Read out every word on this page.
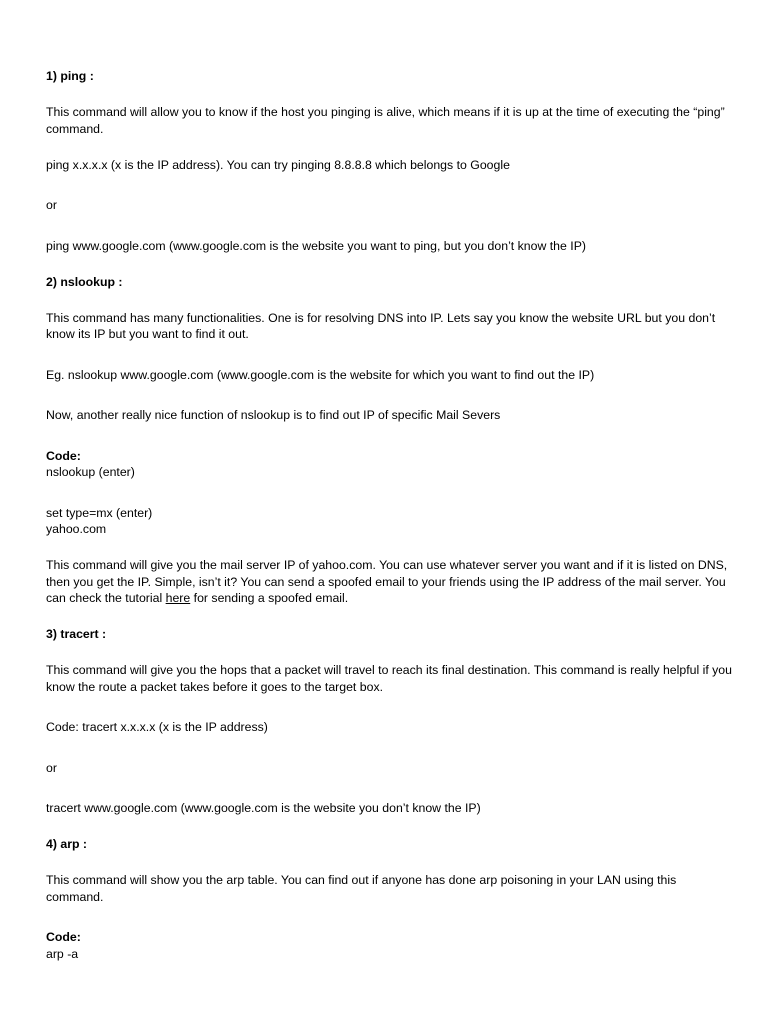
1) ping :

This command will allow you to know if the host you pinging is alive, which means if it is up at the time of executing the “ping” command.

ping x.x.x.x (x is the IP address). You can try pinging 8.8.8.8 which belongs to Google

or

ping www.google.com (www.google.com is the website you want to ping, but you don’t know the IP)

2) nslookup :

This command has many functionalities. One is for resolving DNS into IP. Lets say you know the website URL but you don’t know its IP but you want to find it out.

Eg. nslookup www.google.com (www.google.com is the website for which you want to find out the IP)

Now, another really nice function of nslookup is to find out IP of specific Mail Severs

Code:

nslookup (enter)

set type=mx (enter)

yahoo.com

This command will give you the mail server IP of yahoo.com. You can use whatever server you want and if it is listed on DNS, then you get the IP. Simple, isn’t it? You can send a spoofed email to your friends using the IP address of the mail server. You can check the tutorial here for sending a spoofed email.

3) tracert :

This command will give you the hops that a packet will travel to reach its final destination. This command is really helpful if you know the route a packet takes before it goes to the target box.

Code: tracert x.x.x.x (x is the IP address)

or

tracert www.google.com (www.google.com is the website you don’t know the IP)

4) arp :

This command will show you the arp table. You can find out if anyone has done arp poisoning in your LAN using this command.

Code:

arp -a
